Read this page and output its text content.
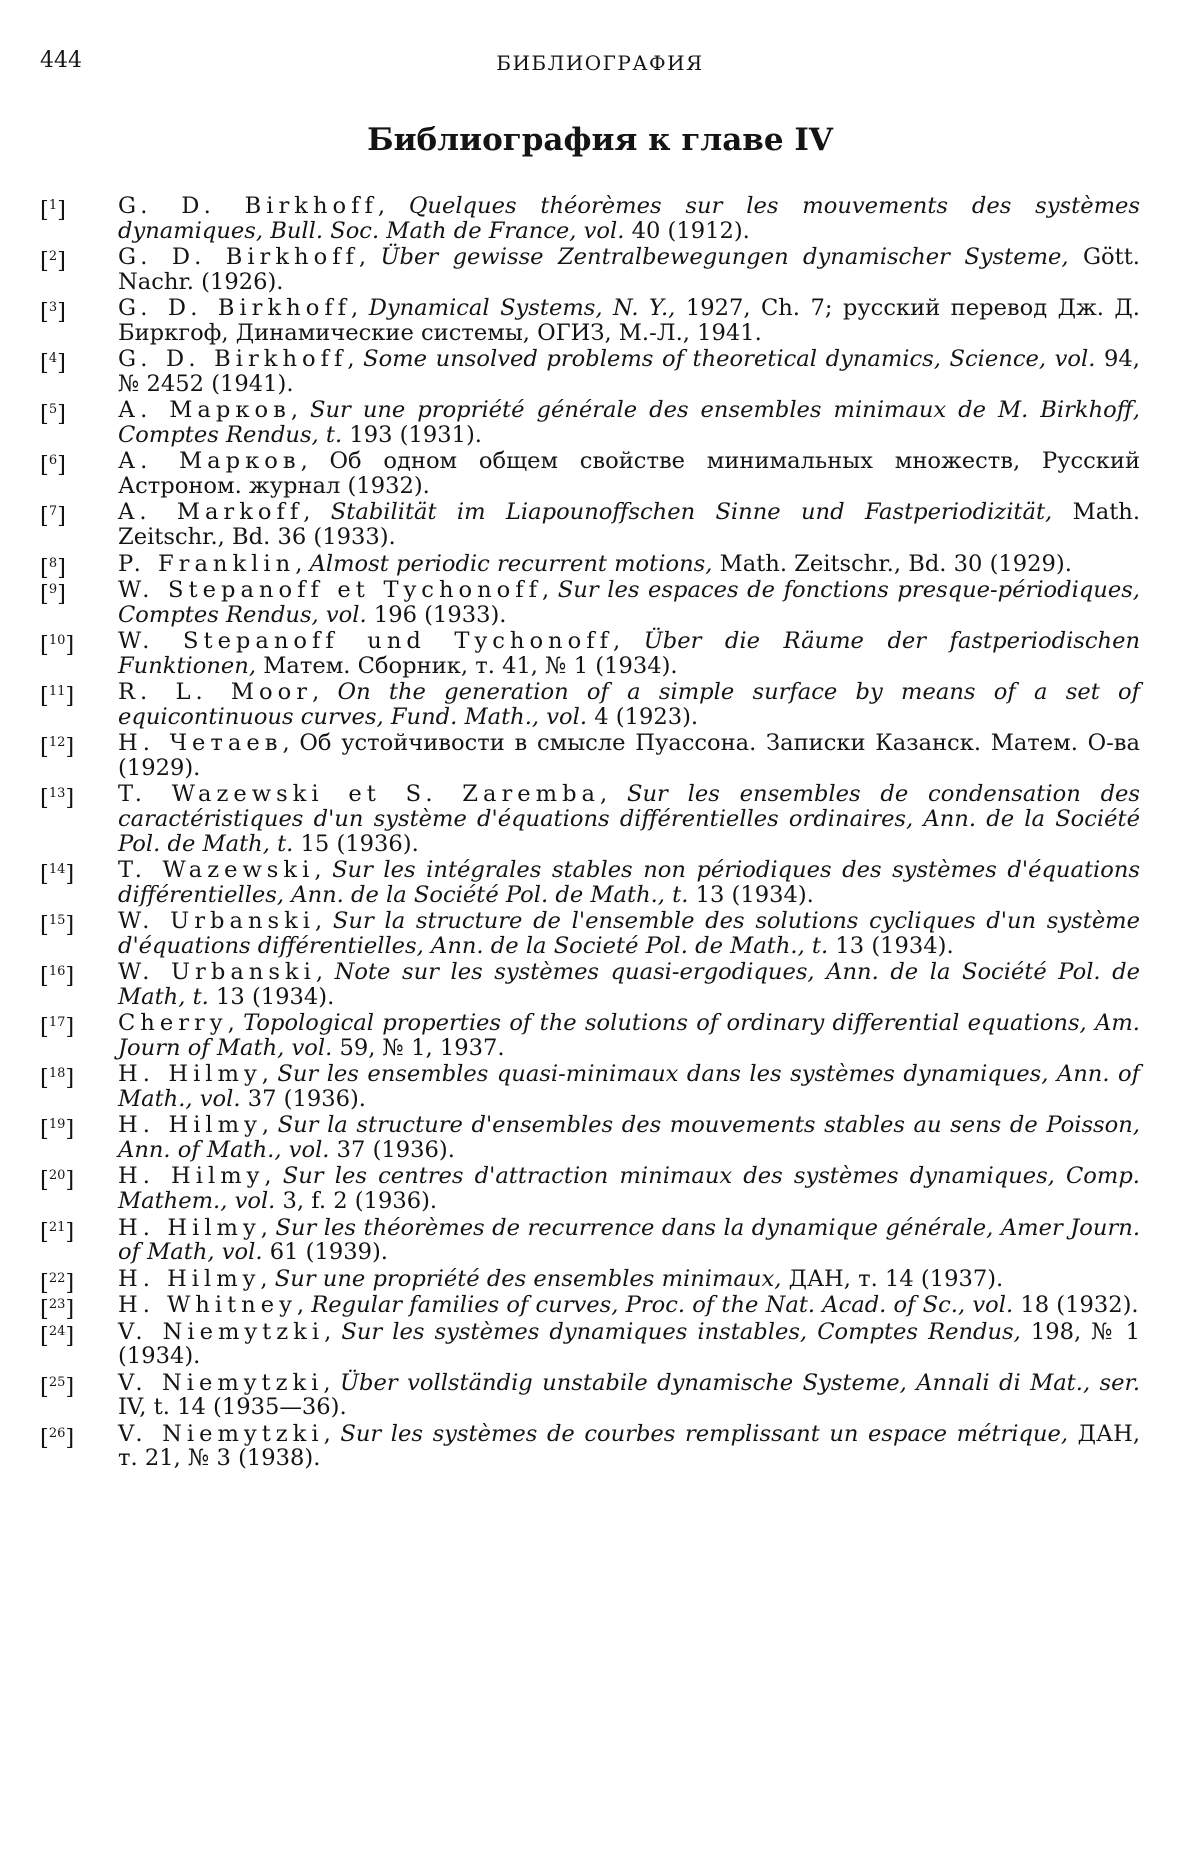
444	БИБЛИОГРАФИЯ
Библиография к главе IV
[$^1$] G. D. Birkhoff, Quelques théorèmes sur les mouvements des systèmes dynamiques, Bull. Soc. Math de France, vol. 40 (1912).
[$^2$] G. D. Birkhoff, Über gewisse Zentralbewegungen dynamischer Systeme, Gött. Nachr. (1926).
[$^3$] G. D. Birkhoff, Dynamical Systems, N. Y., 1927, Ch. 7; русский перевод Дж. Д. Биркгоф, Динамические системы, ОГИЗ, М.-Л., 1941.
[$^4$] G. D. Birkhoff, Some unsolved problems of theoretical dynamics, Science, vol. 94, № 2452 (1941).
[$^5$] А. Марков, Sur une propriété générale des ensembles minimaux de M. Birkhoff, Comptes Rendus, t. 193 (1931).
[$^6$] А. Марков, Об одном общем свойстве минимальных множеств, Русский Астроном. журнал (1932).
[$^7$] A. Markoff, Stabilität im Liapounoffschen Sinne und Fastperiodizität, Math. Zeitschr., Bd. 36 (1933).
[$^8$] P. Franklin, Almost periodic recurrent motions, Math. Zeitschr., Bd. 30 (1929).
[$^9$] W. Stepanoff et Tychonoff, Sur les espaces de fonctions presque-périodiques, Comptes Rendus, vol. 196 (1933).
[$^{10}$] W. Stepanoff und Tychonoff, Über die Räume der fastperiodischen Funktionen, Матем. Сборник, т. 41, № 1 (1934).
[$^{11}$] R. L. Moor, On the generation of a simple surface by means of a set of equicontinuous curves, Fund. Math., vol. 4 (1923).
[$^{12}$] Н. Четаев, Об устойчивости в смысле Пуассона. Записки Казанск. Матем. О-ва (1929).
[$^{13}$] T. Wazewski et S. Zaremba, Sur les ensembles de condensation des caractéristiques d'un système d'équations différentielles ordinaires, Ann. de la Société Pol. de Math, t. 15 (1936).
[$^{14}$] T. Wazewski, Sur les intégrales stables non périodiques des systèmes d'équations différentielles, Ann. de la Société Pol. de Math., t. 13 (1934).
[$^{15}$] W. Urbanski, Sur la structure de l'ensemble des solutions cycliques d'un système d'équations différentielles, Ann. de la Societé Pol. de Math., t. 13 (1934).
[$^{16}$] W. Urbanski, Note sur les systèmes quasi-ergodiques, Ann. de la Société Pol. de Math, t. 13 (1934).
[$^{17}$] Cherry, Topological properties of the solutions of ordinary differential equations, Am. Journ of Math, vol. 59, № 1, 1937.
[$^{18}$] H. Hilmy, Sur les ensembles quasi-minimaux dans les systèmes dynamiques, Ann. of Math., vol. 37 (1936).
[$^{19}$] H. Hilmy, Sur la structure d'ensembles des mouvements stables au sens de Poisson, Ann. of Math., vol. 37 (1936).
[$^{20}$] H. Hilmy, Sur les centres d'attraction minimaux des systèmes dynamiques, Comp. Mathem., vol. 3, f. 2 (1936).
[$^{21}$] H. Hilmy, Sur les théorèmes de recurrence dans la dynamique générale, Amer Journ. of Math, vol. 61 (1939).
[$^{22}$] H. Hilmy, Sur une propriété des ensembles minimaux, ДАН, т. 14 (1937).
[$^{23}$] H. Whitney, Regular families of curves, Proc. of the Nat. Acad. of Sc., vol. 18 (1932).
[$^{24}$] V. Niemytzki, Sur les systèmes dynamiques instables, Comptes Rendus, 198, № 1 (1934).
[$^{25}$] V. Niemytzki, Über vollständig unstabile dynamische Systeme, Annali di Mat., ser. IV, t. 14 (1935—36).
[$^{26}$] V. Niemytzki, Sur les systèmes de courbes remplissant un espace métrique, ДАН, т. 21, № 3 (1938).
